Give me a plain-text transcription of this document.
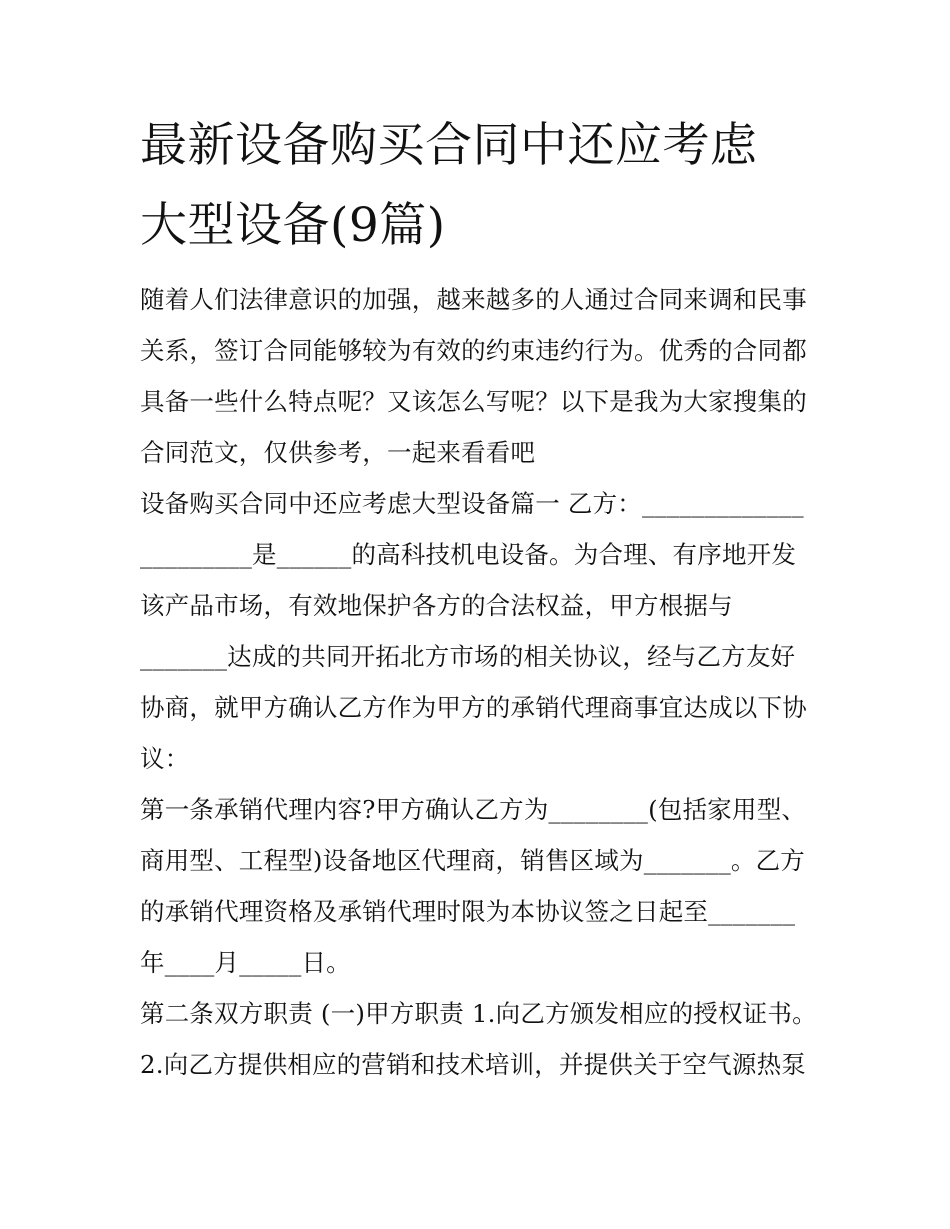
最新设备购买合同中还应考虑
大型设备(9篇)
随着人们法律意识的加强，越来越多的人通过合同来调和民事
关系，签订合同能够较为有效的约束违约行为。优秀的合同都
具备一些什么特点呢？又该怎么写呢？以下是我为大家搜集的
合同范文，仅供参考，一起来看看吧
设备购买合同中还应考虑大型设备篇一 乙方：_____________
_________是______的高科技机电设备。为合理、有序地开发
该产品市场，有效地保护各方的合法权益，甲方根据与
_______达成的共同开拓北方市场的相关协议，经与乙方友好
协商，就甲方确认乙方作为甲方的承销代理商事宜达成以下协
议：
第一条承销代理内容?甲方确认乙方为________(包括家用型、
商用型、工程型)设备地区代理商，销售区域为_______。乙方
的承销代理资格及承销代理时限为本协议签之日起至_______
年____月_____日。
第二条双方职责 (一)甲方职责 1.向乙方颁发相应的授权证书。
2.向乙方提供相应的营销和技术培训，并提供关于空气源热泵
